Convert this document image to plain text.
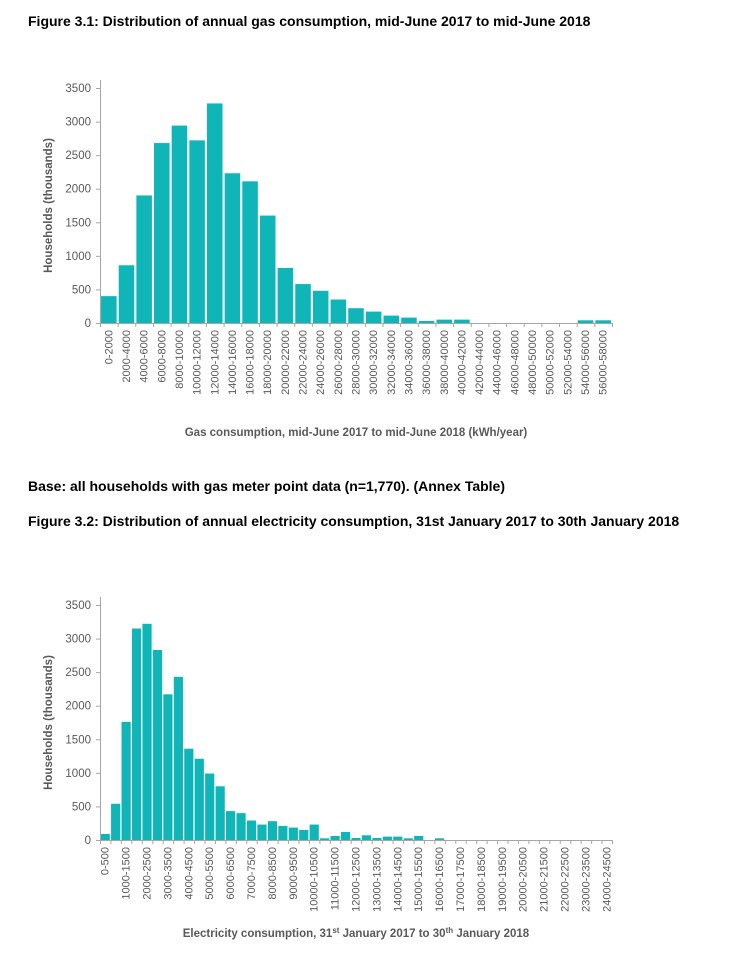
Figure 3.1: Distribution of annual gas consumption, mid-June 2017 to mid-June 2018
0
500
1000
1500
2000
2500
3000
3500
0-2000 2000-4000 4000-6000 6000-8000 8000-10000 10000-12000 12000-14000 14000-16000 16000-18000 18000-20000 20000-22000 22000-24000 24000-26000 26000-28000 28000-30000 30000-32000 32000-34000 34000-36000 36000-38000 38000-40000 40000-42000 42000-44000 44000-46000 46000-48000 48000-50000 50000-52000 52000-54000 54000-56000 56000-58000
Households (thousands)
Gas consumption, mid-June 2017 to mid-June 2018 (kWh/year)

Base: all households with gas meter point data (n=1,770). (Annex Table)

Figure 3.2: Distribution of annual electricity consumption, 31st January 2017 to 30th January 2018
0
500
1000
1500
2000
2500
3000
3500
0-500 1000-1500 2000-2500 3000-3500 4000-4500 5000-5500 6000-6500 7000-7500 8000-8500 9000-9500 10000-10500 11000-11500 12000-12500 13000-13500 14000-14500 15000-15500 16000-16500 17000-17500 18000-18500 19000-19500 20000-20500 21000-21500 22000-22500 23000-23500 24000-24500
Households (thousands)
Electricity consumption, 31st January 2017 to 30th January 2018
